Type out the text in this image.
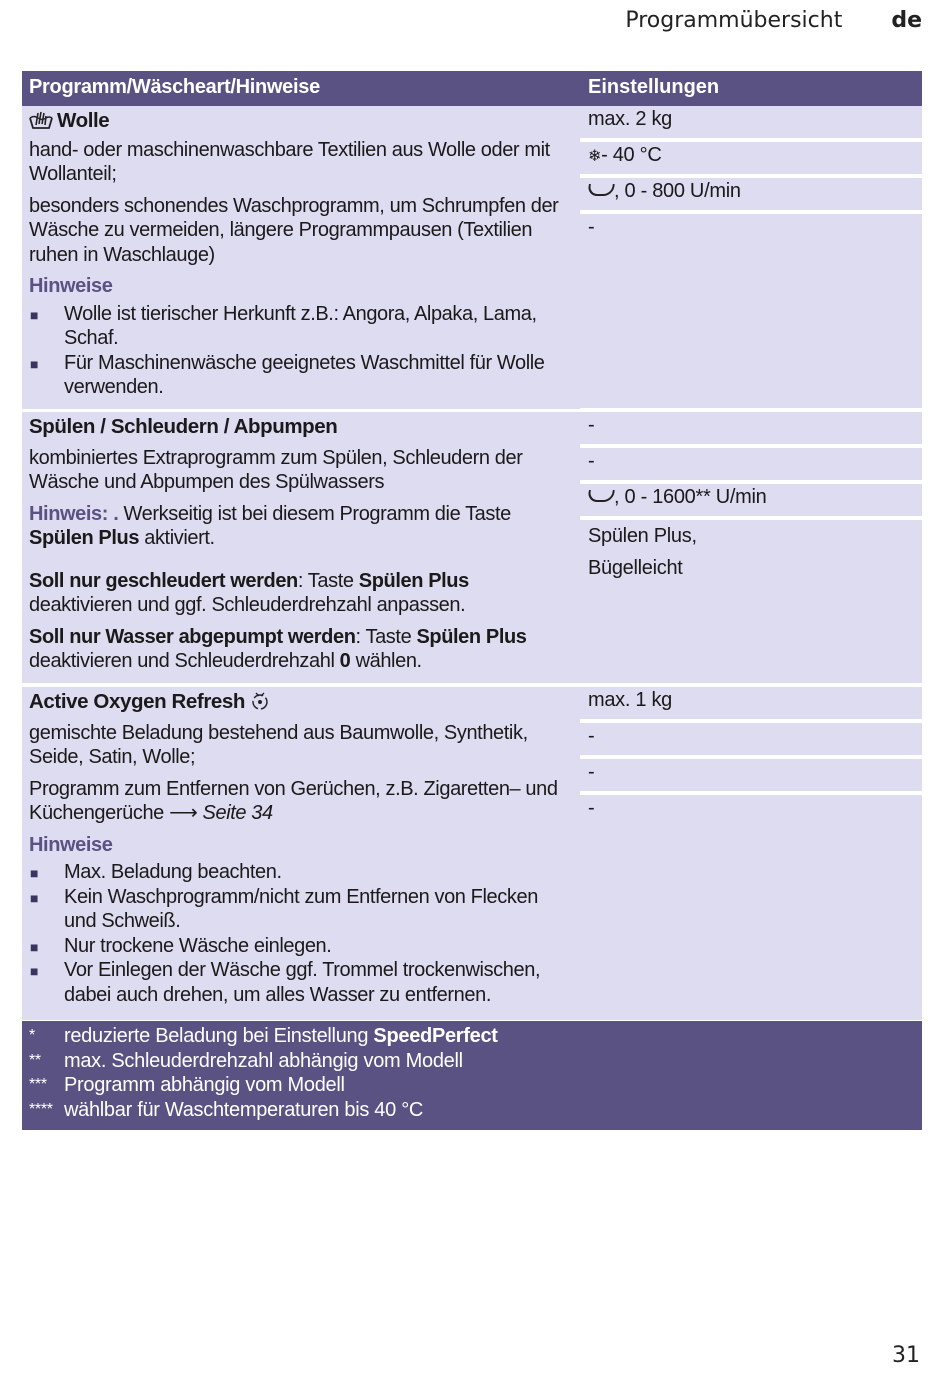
Programmübersicht de
Programm/Wäscheart/Hinweise	Einstellungen
Wolle
hand- oder maschinenwaschbare Textilien aus Wolle oder mit Wollanteil;
besonders schonendes Waschprogramm, um Schrumpfen der Wäsche zu vermeiden, längere Programmpausen (Textilien ruhen in Waschlauge)
Hinweise
■ Wolle ist tierischer Herkunft z.B.: Angora, Alpaka, Lama, Schaf.
■ Für Maschinenwäsche geeignetes Waschmittel für Wolle verwenden.
max. 2 kg
❄- 40 °C
, 0 - 800 U/min
-
Spülen / Schleudern / Abpumpen
kombiniertes Extraprogramm zum Spülen, Schleudern der Wäsche und Abpumpen des Spülwassers
Hinweis: . Werkseitig ist bei diesem Programm die Taste Spülen Plus aktiviert.
Soll nur geschleudert werden: Taste Spülen Plus deaktivieren und ggf. Schleuderdrehzahl anpassen.
Soll nur Wasser abgepumpt werden: Taste Spülen Plus deaktivieren und Schleuderdrehzahl 0 wählen.
-
-
, 0 - 1600** U/min
Spülen Plus,
Bügelleicht
Active Oxygen Refresh
gemischte Beladung bestehend aus Baumwolle, Synthetik, Seide, Satin, Wolle;
Programm zum Entfernen von Gerüchen, z.B. Zigaretten– und Küchengerüche ⟶ Seite 34
Hinweise
■ Max. Beladung beachten.
■ Kein Waschprogramm/nicht zum Entfernen von Flecken und Schweiß.
■ Nur trockene Wäsche einlegen.
■ Vor Einlegen der Wäsche ggf. Trommel trockenwischen, dabei auch drehen, um alles Wasser zu entfernen.
max. 1 kg
-
-
-
* reduzierte Beladung bei Einstellung SpeedPerfect
** max. Schleuderdrehzahl abhängig vom Modell
*** Programm abhängig vom Modell
**** wählbar für Waschtemperaturen bis 40 °C
31
